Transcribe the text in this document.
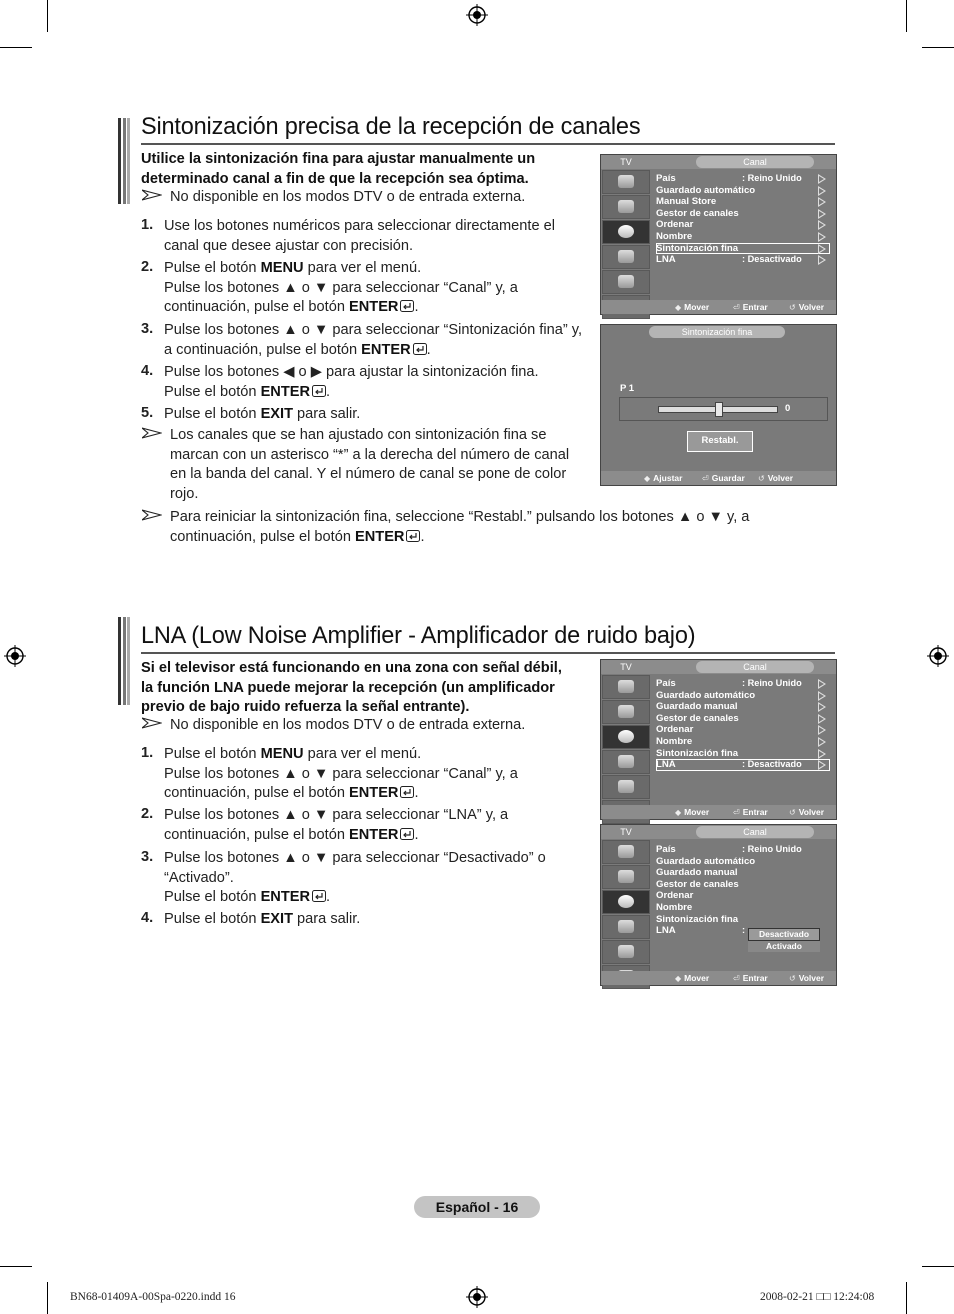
Sintonización precisa de la recepción de canales
Utilice la sintonización fina para ajustar manualmente un
determinado canal a fin de que la recepción sea óptima.
No disponible en los modos DTV o de entrada externa.
1. Use los botones numéricos para seleccionar directamente el
canal que desee ajustar con precisión.
2. Pulse el botón MENU para ver el menú.
Pulse los botones ▲ o ▼ para seleccionar “Canal” y, a
continuación, pulse el botón ENTER .
3. Pulse los botones ▲ o ▼ para seleccionar “Sintonización fina” y,
a continuación, pulse el botón ENTER .
4. Pulse los botones ◀ o ▶ para ajustar la sintonización fina.
Pulse el botón ENTER .
5. Pulse el botón EXIT para salir.
Los canales que se han ajustado con sintonización fina se
marcan con un asterisco “*” a la derecha del número de canal
en la banda del canal. Y el número de canal se pone de color
rojo.
Para reiniciar la sintonización fina, seleccione “Restabl.” pulsando los botones ▲ o ▼ y, a
continuación, pulse el botón ENTER .
TV	Canal
País	: Reino Unido
Guardado automático
Manual Store
Gestor de canales
Ordenar
Nombre
Sintonización fina
LNA	: Desactivado
◆ Mover	⏎ Entrar	↺ Volver
Sintonización fina
P 1
0
Restabl.
◆ Ajustar ⏎ Guardar ↺ Volver
LNA (Low Noise Amplifier - Amplificador de ruido bajo)
Si el televisor está funcionando en una zona con señal débil,
la función LNA puede mejorar la recepción (un amplificador
previo de bajo ruido refuerza la señal entrante).
No disponible en los modos DTV o de entrada externa.
1. Pulse el botón MENU para ver el menú.
Pulse los botones ▲ o ▼ para seleccionar “Canal” y, a
continuación, pulse el botón ENTER .
2. Pulse los botones ▲ o ▼ para seleccionar “LNA” y, a
continuación, pulse el botón ENTER .
3. Pulse los botones ▲ o ▼ para seleccionar “Desactivado” o
“Activado”.
Pulse el botón ENTER .
4. Pulse el botón EXIT para salir.
TV	Canal
País	: Reino Unido
Guardado automático
Guardado manual
Gestor de canales
Ordenar
Nombre
Sintonización fina
LNA	: Desactivado
◆ Mover	⏎ Entrar	↺ Volver
TV	Canal
País	: Reino Unido
Guardado automático
Guardado manual
Gestor de canales
Ordenar
Nombre
Sintonización fina
LNA	:	Desactivado
Activado
◆ Mover	⏎ Entrar	↺ Volver
Español - 16
BN68-01409A-00Spa-0220.indd 16	2008-02-21 □□ 12:24:08
